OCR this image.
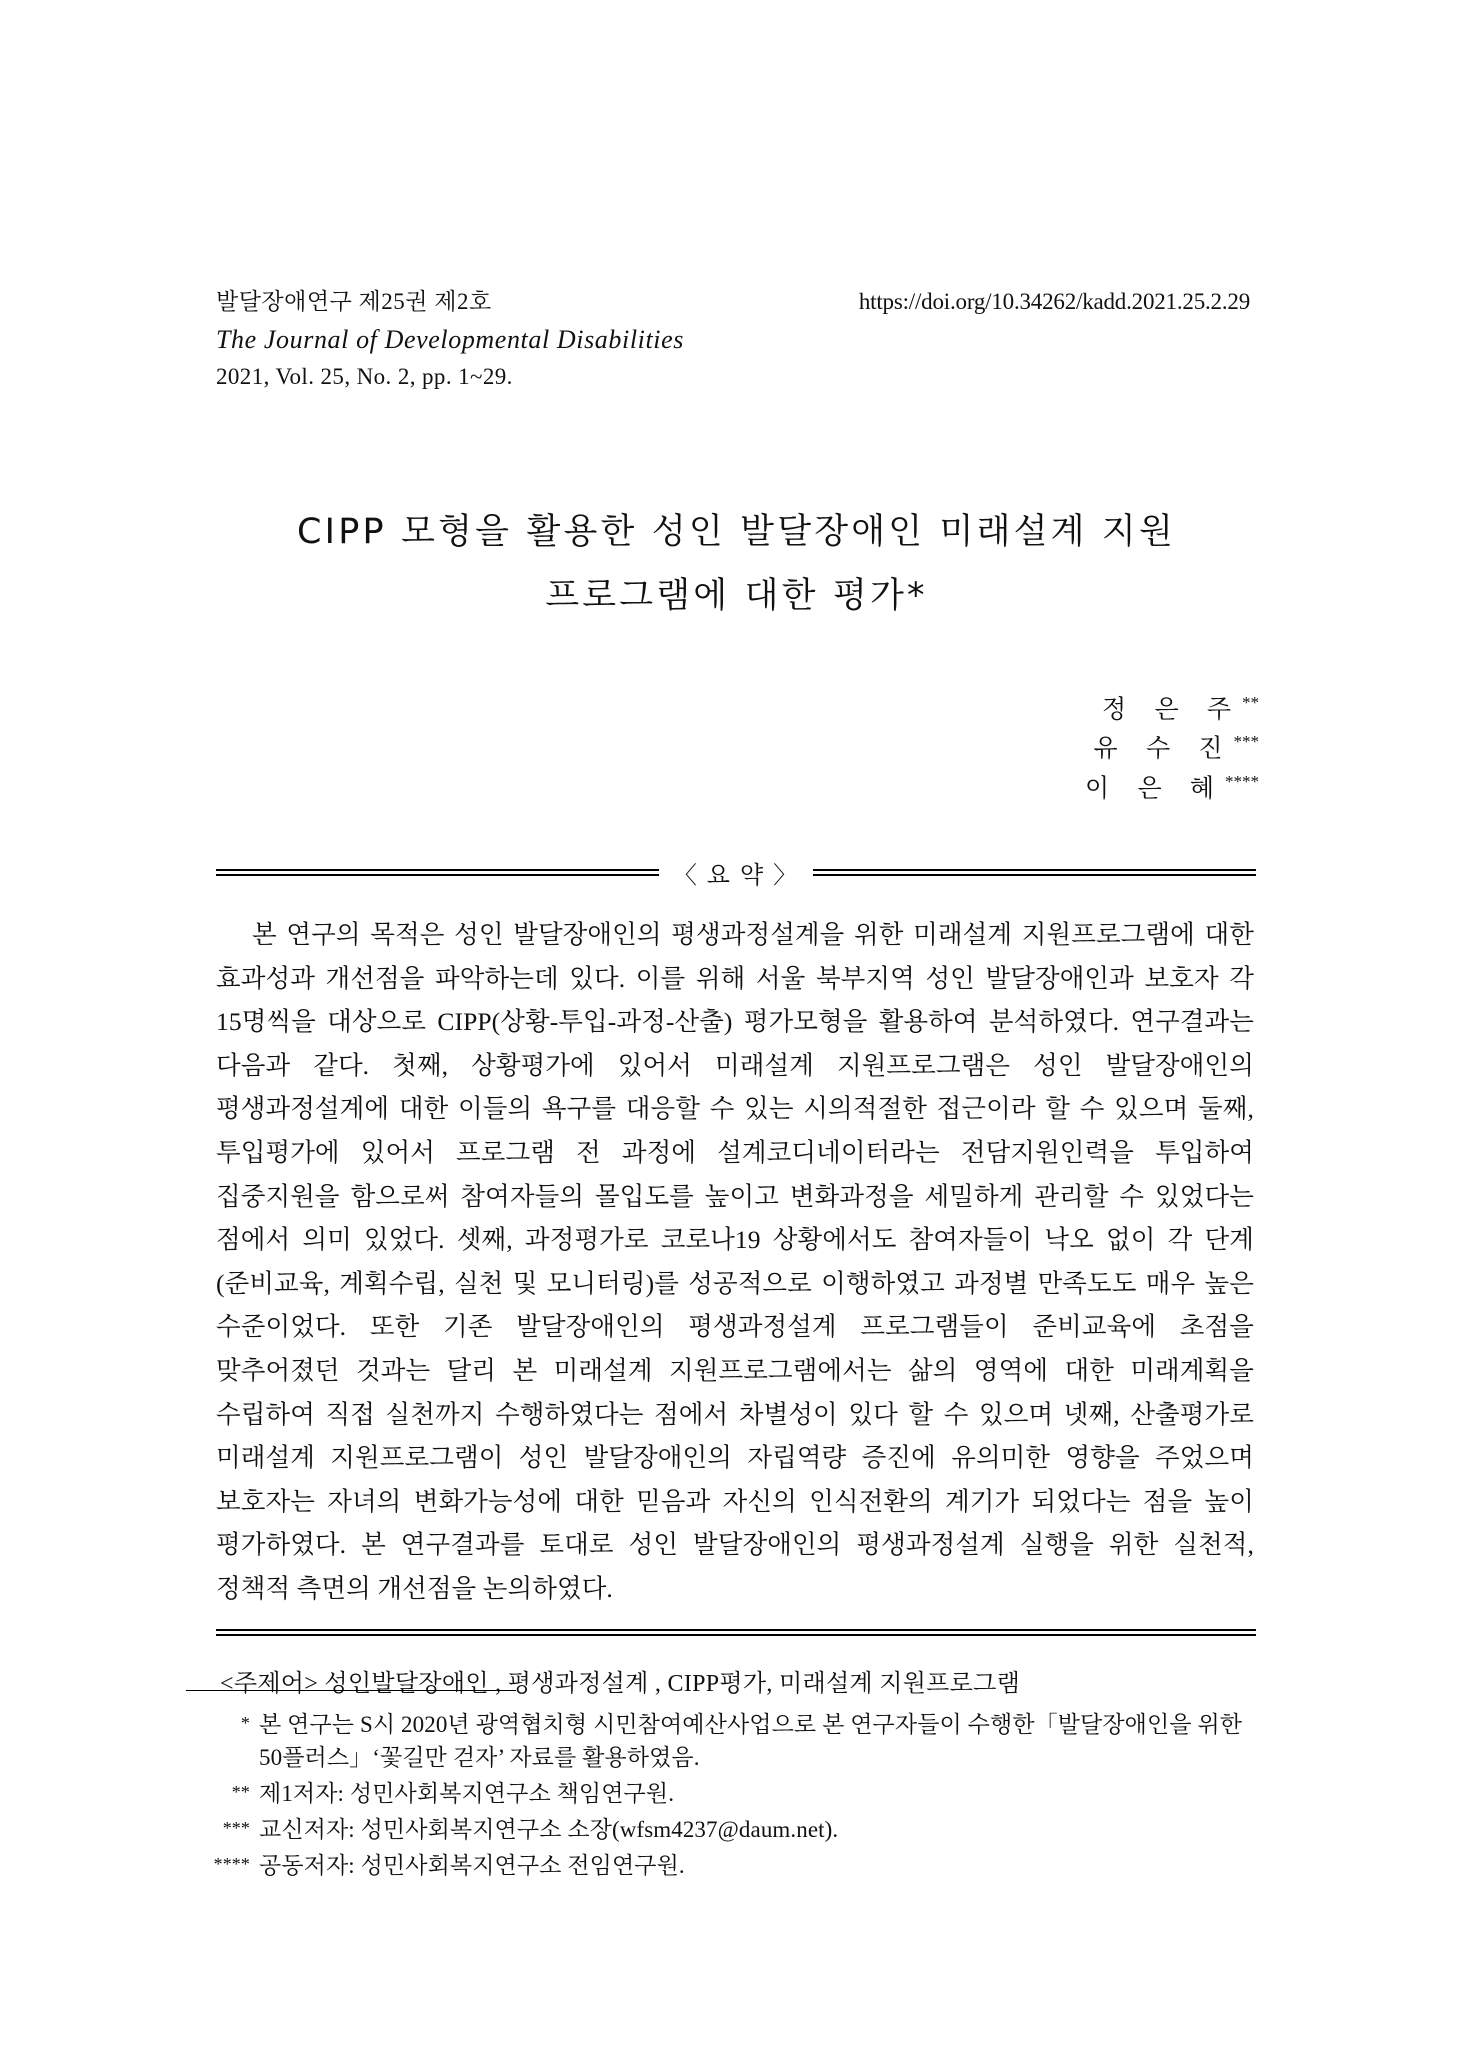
발달장애연구 제25권 제2호	https://doi.org/10.34262/kadd.2021.25.2.29
The Journal of Developmental Disabilities
2021, Vol. 25, No. 2, pp. 1~29.
CIPP 모형을 활용한 성인 발달장애인 미래설계 지원
프로그램에 대한 평가*
정 은 주**
유 수 진***
이 은 혜****
〈 요 약 〉
본 연구의 목적은 성인 발달장애인의 평생과정설계을 위한 미래설계 지원프로그램에 대한 효과성과 개선점을 파악하는데 있다. 이를 위해 서울 북부지역 성인 발달장애인과 보호자 각 15명씩을 대상으로 CIPP(상황-투입-과정-산출) 평가모형을 활용하여 분석하였다. 연구결과는 다음과 같다. 첫째, 상황평가에 있어서 미래설계 지원프로그램은 성인 발달장애인의 평생과정설계에 대한 이들의 욕구를 대응할 수 있는 시의적절한 접근이라 할 수 있으며 둘째, 투입평가에 있어서 프로그램 전 과정에 설계코디네이터라는 전담지원인력을 투입하여 집중지원을 함으로써 참여자들의 몰입도를 높이고 변화과정을 세밀하게 관리할 수 있었다는 점에서 의미 있었다. 셋째, 과정평가로 코로나19 상황에서도 참여자들이 낙오 없이 각 단계(준비교육, 계획수립, 실천 및 모니터링)를 성공적으로 이행하였고 과정별 만족도도 매우 높은 수준이었다. 또한 기존 발달장애인의 평생과정설계 프로그램들이 준비교육에 초점을 맞추어졌던 것과는 달리 본 미래설계 지원프로그램에서는 삶의 영역에 대한 미래계획을 수립하여 직접 실천까지 수행하였다는 점에서 차별성이 있다 할 수 있으며 넷째, 산출평가로 미래설계 지원프로그램이 성인 발달장애인의 자립역량 증진에 유의미한 영향을 주었으며 보호자는 자녀의 변화가능성에 대한 믿음과 자신의 인식전환의 계기가 되었다는 점을 높이 평가하였다. 본 연구결과를 토대로 성인 발달장애인의 평생과정설계 실행을 위한 실천적, 정책적 측면의 개선점을 논의하였다.
<주제어> 성인발달장애인 , 평생과정설계 , CIPP평가, 미래설계 지원프로그램
* 본 연구는 S시 2020년 광역협치형 시민참여예산사업으로 본 연구자들이 수행한「발달장애인을 위한 50플러스」‘꽃길만 걷자’ 자료를 활용하였음.
** 제1저자: 성민사회복지연구소 책임연구원.
*** 교신저자: 성민사회복지연구소 소장(wfsm4237@daum.net).
**** 공동저자: 성민사회복지연구소 전임연구원.
